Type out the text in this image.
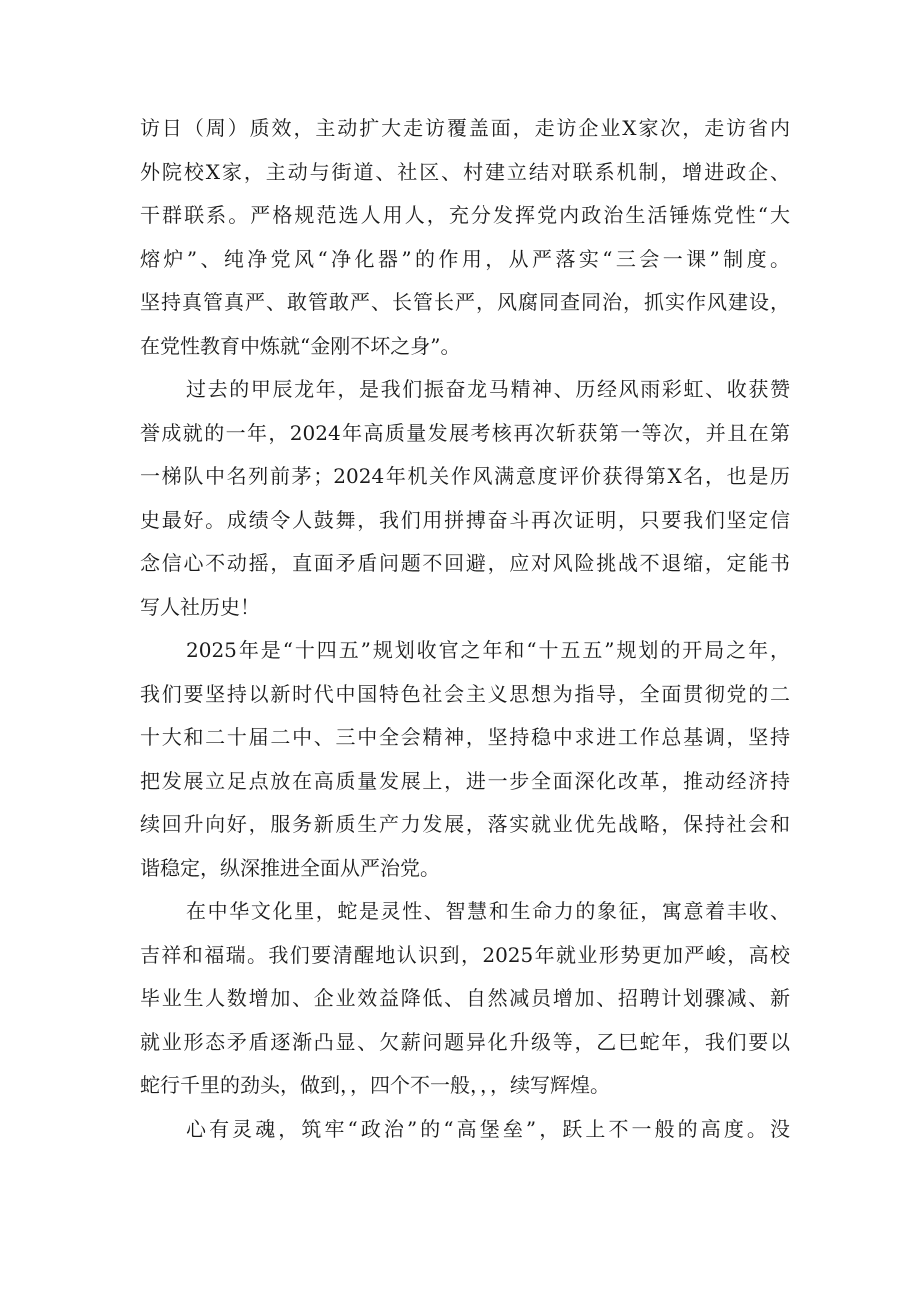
访日（周）质效，主动扩大走访覆盖面，走访企业X家次，走访省内
外院校X家，主动与街道、社区、村建立结对联系机制，增进政企、
干群联系。严格规范选人用人，充分发挥党内政治生活锤炼党性“大
熔炉”、纯净党风“净化器”的作用，从严落实“三会一课”制度。
坚持真管真严、敢管敢严、长管长严，风腐同查同治，抓实作风建设，
在党性教育中炼就“金刚不坏之身”。
过去的甲辰龙年，是我们振奋龙马精神、历经风雨彩虹、收获赞
誉成就的一年，2024年高质量发展考核再次斩获第一等次，并且在第
一梯队中名列前茅；2024年机关作风满意度评价获得第X名，也是历
史最好。成绩令人鼓舞，我们用拼搏奋斗再次证明，只要我们坚定信
念信心不动摇，直面矛盾问题不回避，应对风险挑战不退缩，定能书
写人社历史！
2025年是“十四五”规划收官之年和“十五五”规划的开局之年，
我们要坚持以新时代中国特色社会主义思想为指导，全面贯彻党的二
十大和二十届二中、三中全会精神，坚持稳中求进工作总基调，坚持
把发展立足点放在高质量发展上，进一步全面深化改革，推动经济持
续回升向好，服务新质生产力发展，落实就业优先战略，保持社会和
谐稳定，纵深推进全面从严治党。
在中华文化里，蛇是灵性、智慧和生命力的象征，寓意着丰收、
吉祥和福瑞。我们要清醒地认识到，2025年就业形势更加严峻，高校
毕业生人数增加、企业效益降低、自然减员增加、招聘计划骤减、新
就业形态矛盾逐渐凸显、欠薪问题异化升级等，乙巳蛇年，我们要以
蛇行千里的劲头，做到，，四个不一般，，，续写辉煌。
心有灵魂，筑牢“政治”的“高堡垒”，跃上不一般的高度。没
